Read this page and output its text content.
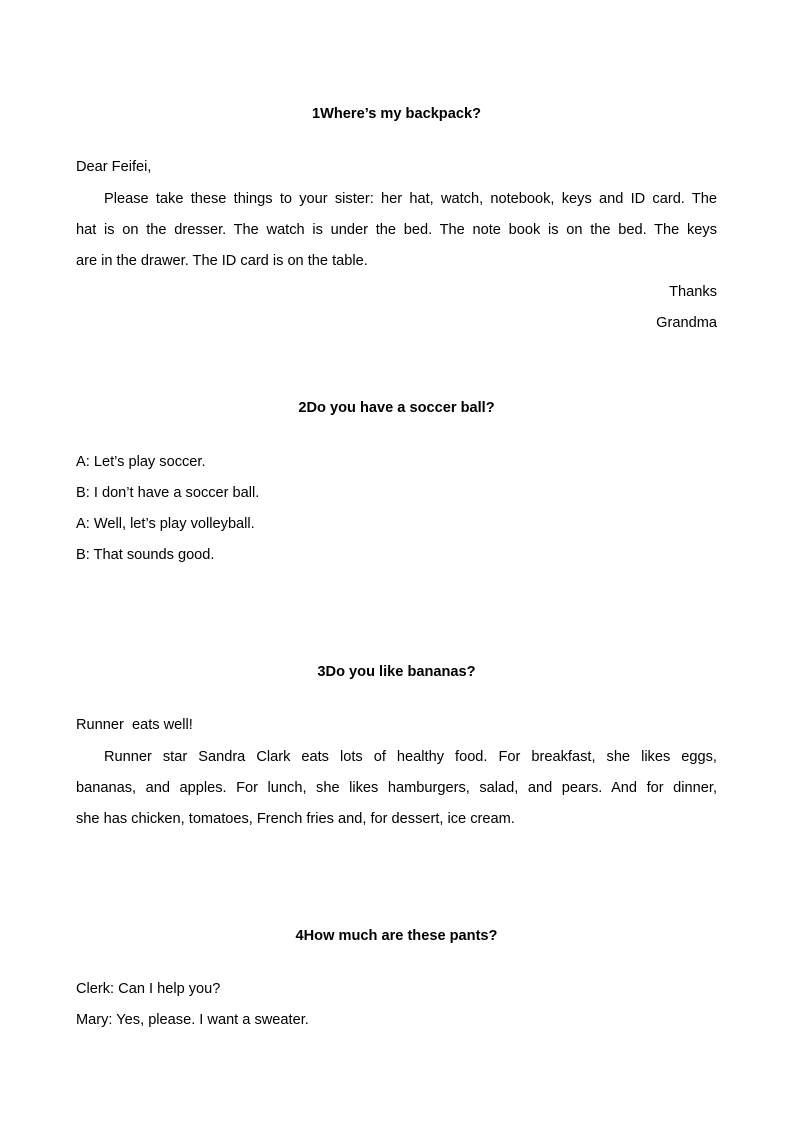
1Where’s my backpack?
Dear Feifei,
Please take these things to your sister: her hat, watch, notebook, keys and ID card. The
hat is on the dresser. The watch is under the bed. The note book is on the bed. The keys
are in the drawer. The ID card is on the table.
Thanks
Grandma
2Do you have a soccer ball?
A: Let’s play soccer.
B: I don’t have a soccer ball.
A: Well, let’s play volleyball.
B: That sounds good.
3Do you like bananas?
Runner  eats well!
Runner star Sandra Clark eats lots of healthy food. For breakfast, she likes eggs,
bananas, and apples. For lunch, she likes hamburgers, salad, and pears. And for dinner,
she has chicken, tomatoes, French fries and, for dessert, ice cream.
4How much are these pants?
Clerk: Can I help you?
Mary: Yes, please. I want a sweater.
